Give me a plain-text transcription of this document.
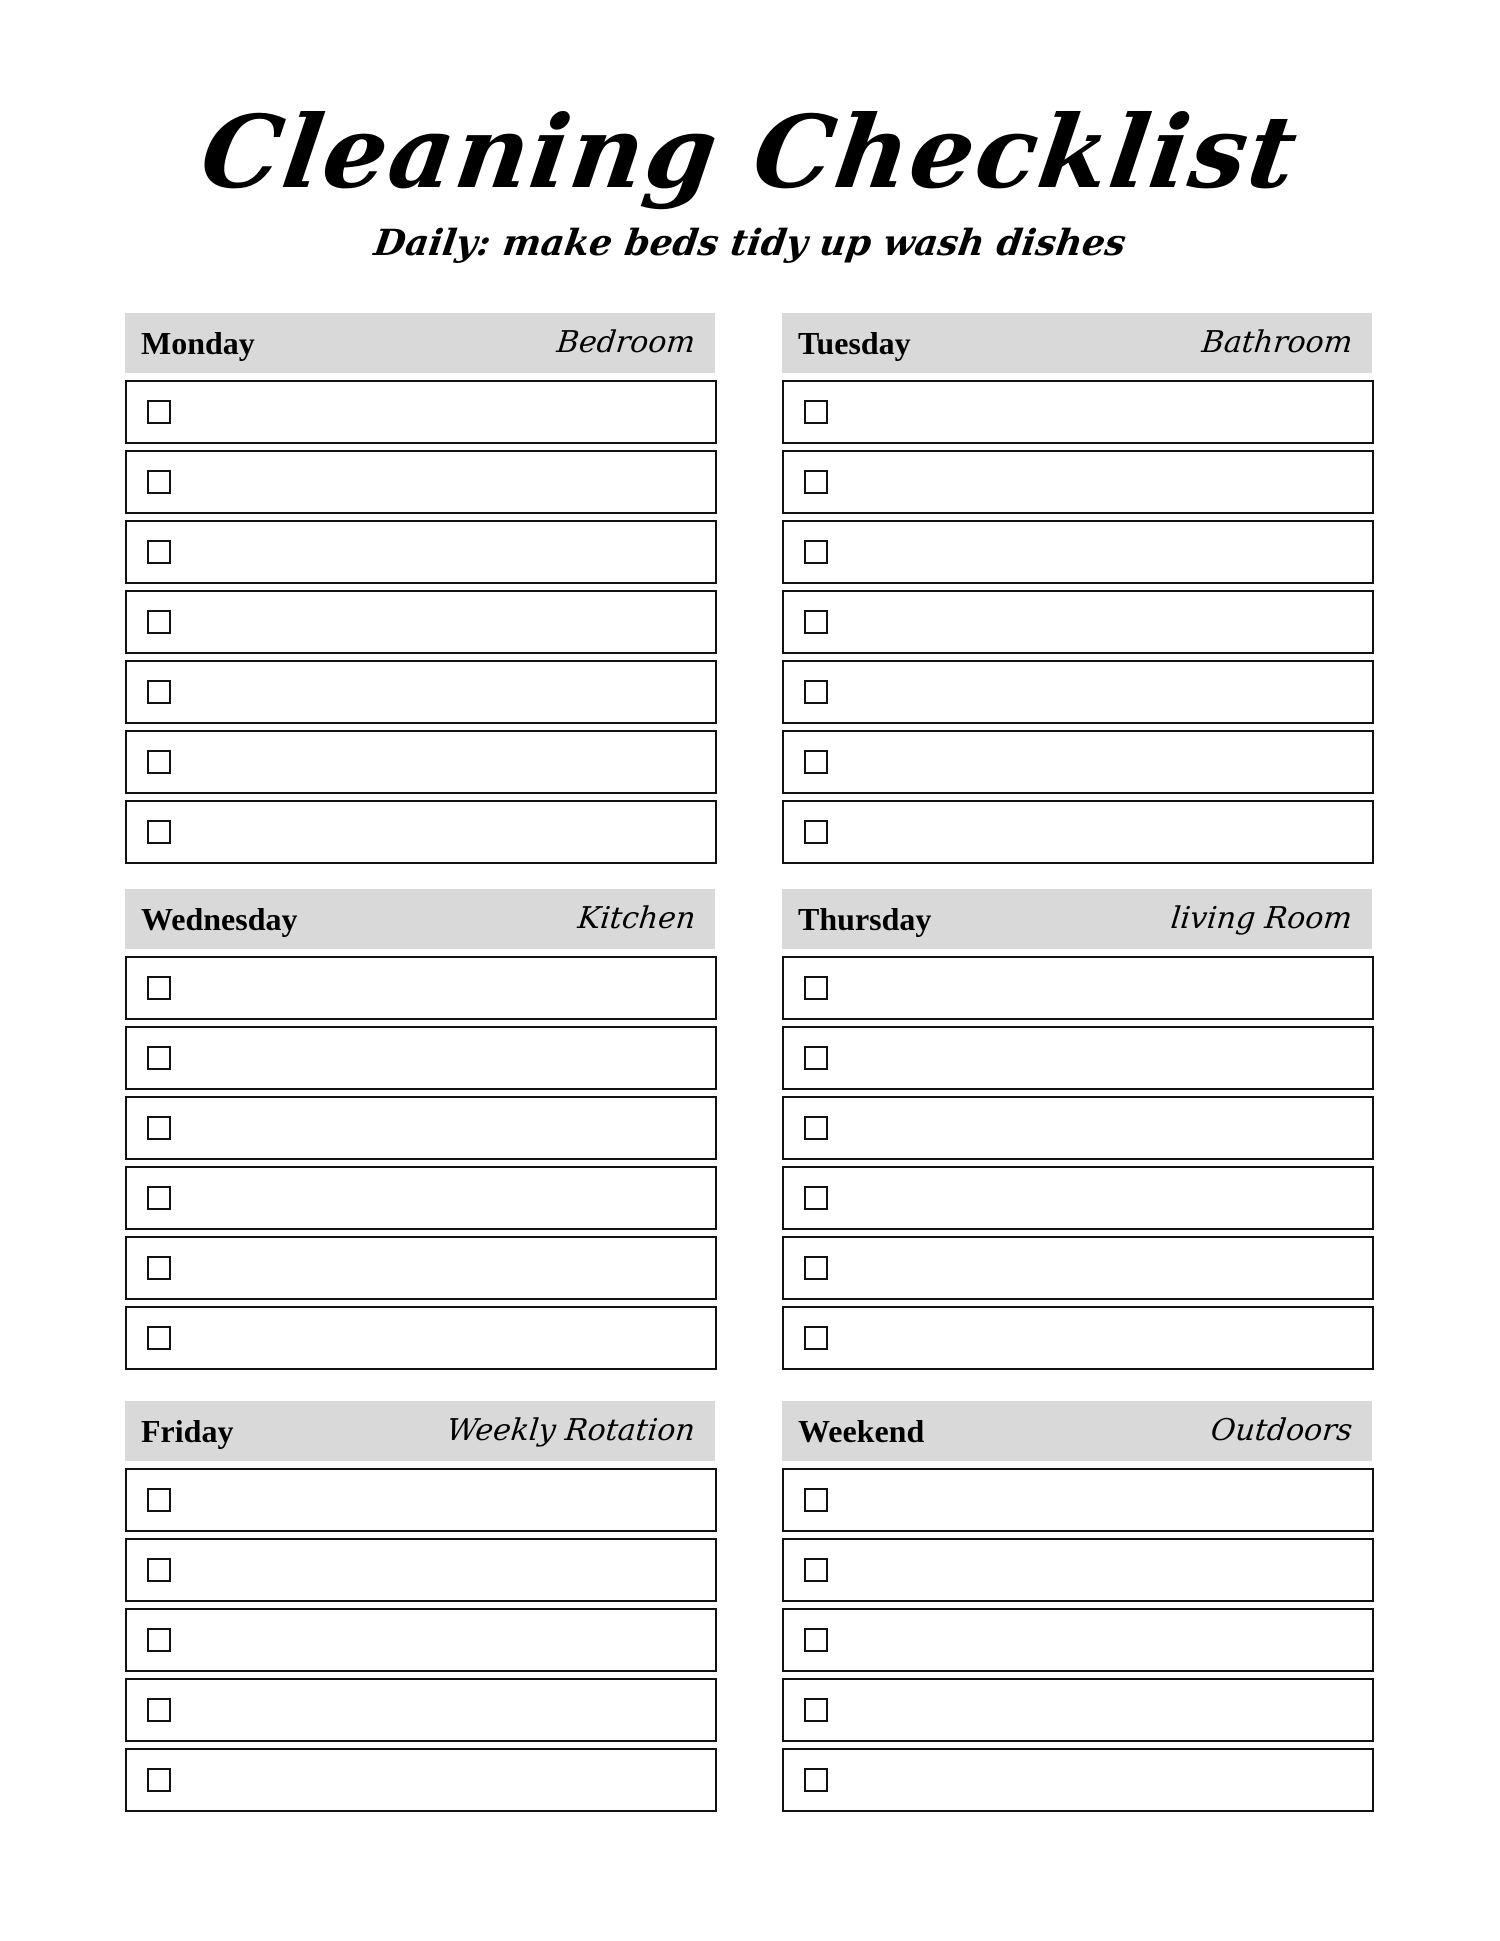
Cleaning Checklist
Daily: make beds tidy up wash dishes
Monday	Bedroom	Tuesday	Bathroom
Wednesday	Kitchen	Thursday	living Room
Friday	Weekly Rotation	Weekend	Outdoors
